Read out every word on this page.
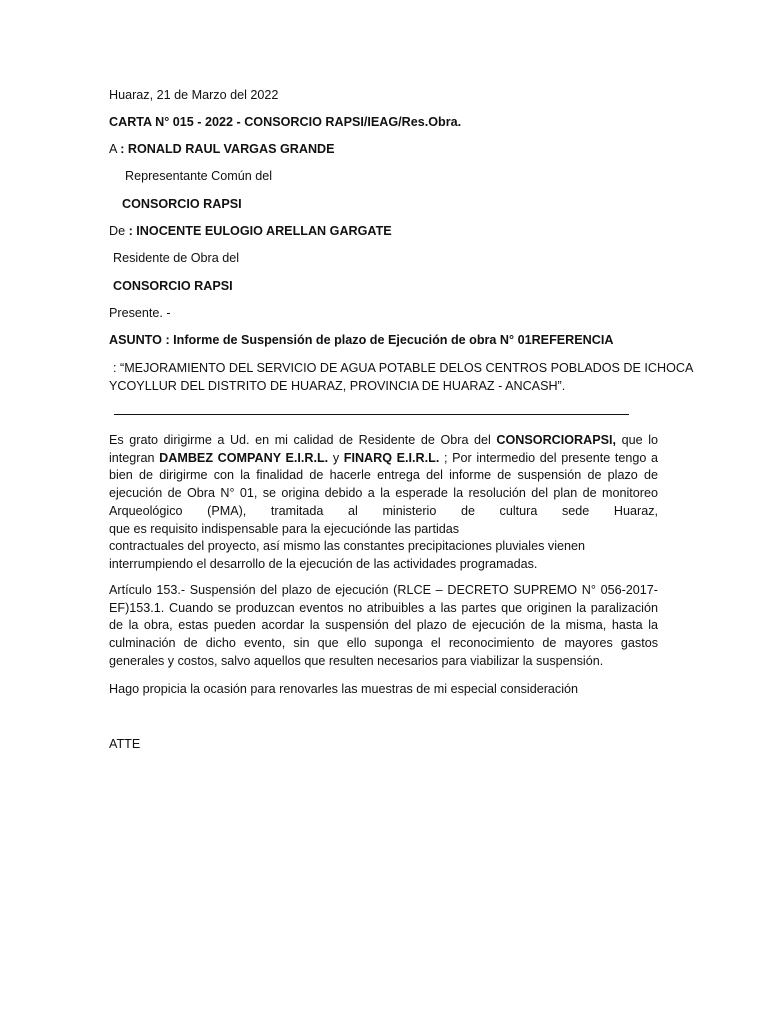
Huaraz, 21 de Marzo del 2022
CARTA N° 015 - 2022 - CONSORCIO RAPSI/IEAG/Res.Obra.
A : RONALD RAUL VARGAS GRANDE
Representante Común del
CONSORCIO RAPSI
De : INOCENTE EULOGIO ARELLAN GARGATE
Residente de Obra del
CONSORCIO RAPSI
Presente. -
ASUNTO : Informe de Suspensión de plazo de Ejecución de obra N° 01REFERENCIA
: “MEJORAMIENTO DEL SERVICIO DE AGUA POTABLE DELOS CENTROS POBLADOS DE ICHOCA
YCOYLLUR DEL DISTRITO DE HUARAZ, PROVINCIA DE HUARAZ - ANCASH”.
Es grato dirigirme a Ud. en mi calidad de Residente de Obra del CONSORCIORAPSI, que lo
integran DAMBEZ COMPANY E.I.R.L. y FINARQ E.I.R.L. ; Por intermedio del presente tengo a
bien de dirigirme con la finalidad de hacerle entrega del informe de suspensión de plazo de
ejecución de Obra N° 01, se origina debido a la esperade la resolución del plan de monitoreo
Arqueológico (PMA), tramitada al ministerio de cultura sede Huaraz,
que es requisito indispensable para la ejecuciónde las partidas
contractuales del proyecto, así mismo las constantes precipitaciones pluviales vienen
interrumpiendo el desarrollo de la ejecución de las actividades programadas.
Artículo 153.- Suspensión del plazo de ejecución (RLCE – DECRETO SUPREMO N° 056-2017-
EF)153.1. Cuando se produzcan eventos no atribuibles a las partes que originen la paralización
de la obra, estas pueden acordar la suspensión del plazo de ejecución de la misma, hasta la
culminación de dicho evento, sin que ello suponga el reconocimiento de mayores gastos
generales y costos, salvo aquellos que resulten necesarios para viabilizar la suspensión.
Hago propicia la ocasión para renovarles las muestras de mi especial consideración
ATTE
